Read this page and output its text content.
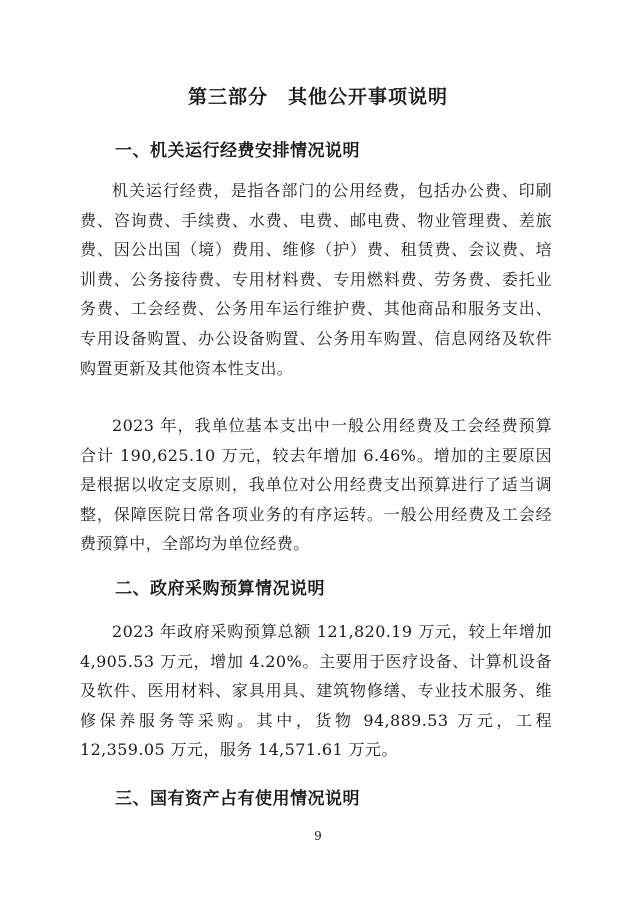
第三部分　其他公开事项说明
一、机关运行经费安排情况说明
机关运行经费，是指各部门的公用经费，包括办公费、印刷费、咨询费、手续费、水费、电费、邮电费、物业管理费、差旅费、因公出国（境）费用、维修（护）费、租赁费、会议费、培训费、公务接待费、专用材料费、专用燃料费、劳务费、委托业务费、工会经费、公务用车运行维护费、其他商品和服务支出、专用设备购置、办公设备购置、公务用车购置、信息网络及软件购置更新及其他资本性支出。
2023 年，我单位基本支出中一般公用经费及工会经费预算合计 190,625.10 万元，较去年增加 6.46%。增加的主要原因是根据以收定支原则，我单位对公用经费支出预算进行了适当调整，保障医院日常各项业务的有序运转。一般公用经费及工会经费预算中，全部均为单位经费。
二、政府采购预算情况说明
2023 年政府采购预算总额 121,820.19 万元，较上年增加 4,905.53 万元，增加 4.20%。主要用于医疗设备、计算机设备及软件、医用材料、家具用具、建筑物修缮、专业技术服务、维修保养服务等采购。其中，货物 94,889.53 万元，工程 12,359.05 万元，服务 14,571.61 万元。
三、国有资产占有使用情况说明
9
